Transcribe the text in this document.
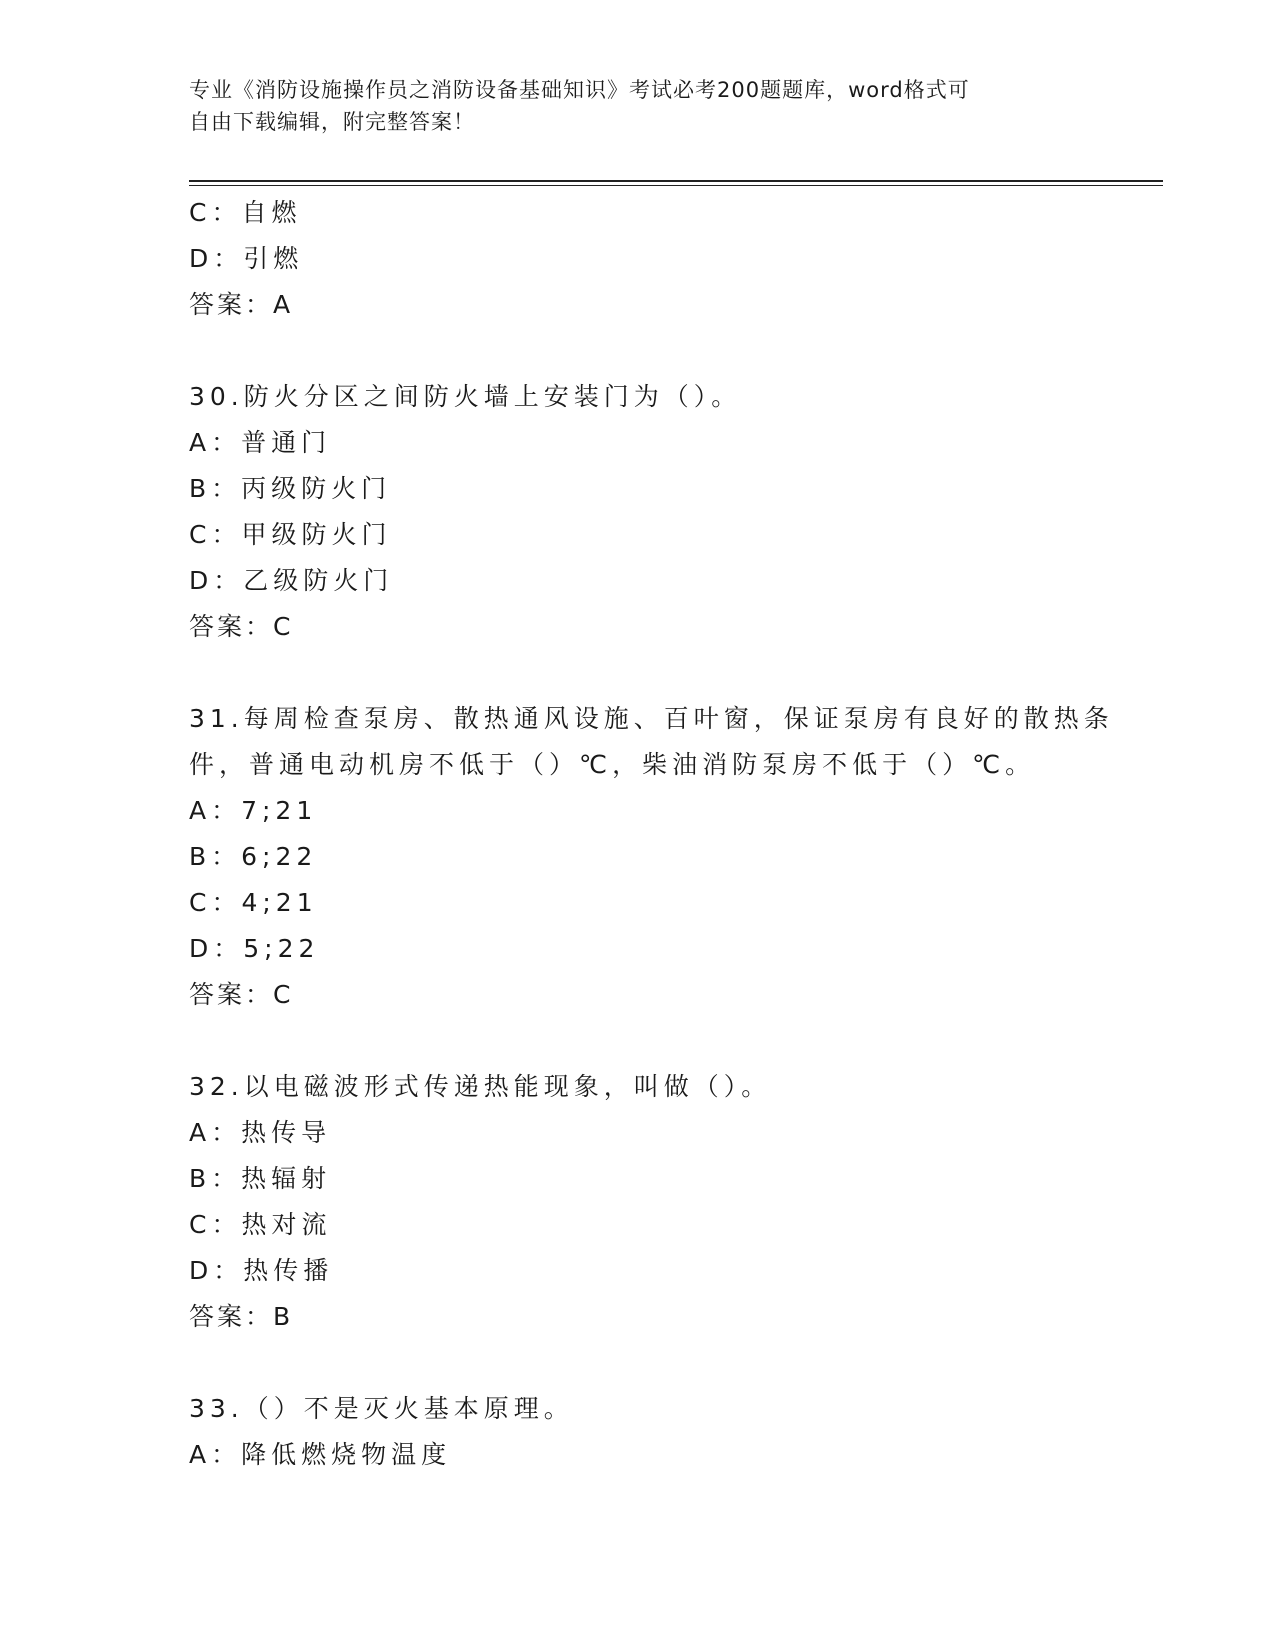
专业《消防设施操作员之消防设备基础知识》考试必考200题题库，word格式可
自由下载编辑，附完整答案！
C：自燃
D：引燃
答案：A
30.防火分区之间防火墙上安装门为（）。
A：普通门
B：丙级防火门
C：甲级防火门
D：乙级防火门
答案：C
31.每周检查泵房、散热通风设施、百叶窗，保证泵房有良好的散热条
件，普通电动机房不低于（）℃，柴油消防泵房不低于（）℃。
A：7;21
B：6;22
C：4;21
D：5;22
答案：C
32.以电磁波形式传递热能现象，叫做（）。
A：热传导
B：热辐射
C：热对流
D：热传播
答案：B
33.（）不是灭火基本原理。
A：降低燃烧物温度
